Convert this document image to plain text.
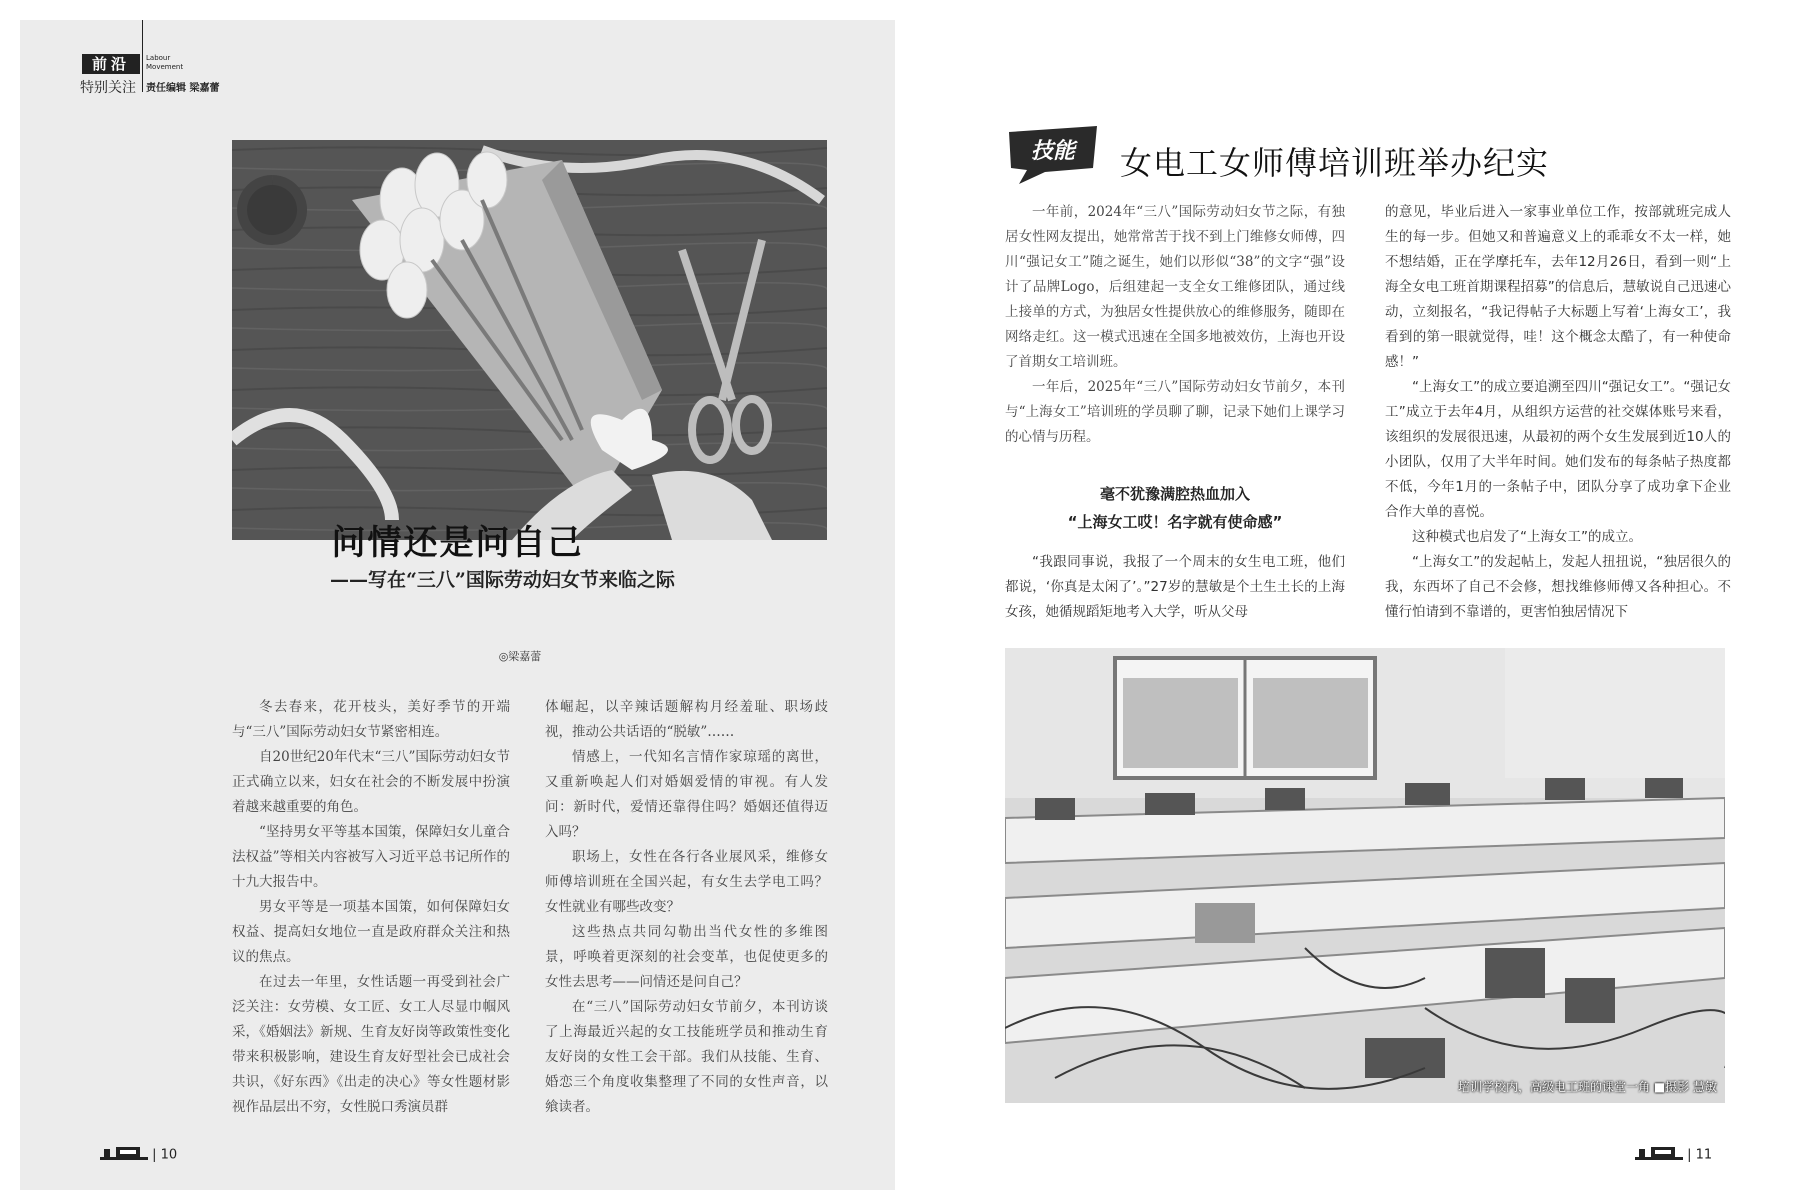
前沿
特别关注
Labour Movement
责任编辑 梁嘉蕾
问情还是问自己
——写在“三八”国际劳动妇女节来临之际
◎梁嘉蕾

冬去春来，花开枝头，美好季节的开端与“三八”国际劳动妇女节紧密相连。

自20世纪20年代末“三八”国际劳动妇女节正式确立以来，妇女在社会的不断发展中扮演着越来越重要的角色。

“坚持男女平等基本国策，保障妇女儿童合法权益”等相关内容被写入习近平总书记所作的十九大报告中。

男女平等是一项基本国策，如何保障妇女权益、提高妇女地位一直是政府群众关注和热议的焦点。

在过去一年里，女性话题一再受到社会广泛关注：女劳模、女工匠、女工人尽显巾帼风采，《婚姻法》新规、生育友好岗等政策性变化带来积极影响，建设生育友好型社会已成社会共识，《好东西》《出走的决心》等女性题材影视作品层出不穷，女性脱口秀演员群

体崛起，以辛辣话题解构月经羞耻、职场歧视，推动公共话语的“脱敏”……

情感上，一代知名言情作家琼瑶的离世，又重新唤起人们对婚姻爱情的审视。有人发问：新时代，爱情还靠得住吗？婚姻还值得迈入吗？

职场上，女性在各行各业展风采，维修女师傅培训班在全国兴起，有女生去学电工吗？女性就业有哪些改变？

这些热点共同勾勒出当代女性的多维图景，呼唤着更深刻的社会变革，也促使更多的女性去思考——问情还是问自己？

在“三八”国际劳动妇女节前夕，本刊访谈了上海最近兴起的女工技能班学员和推动生育友好岗的女性工会干部。我们从技能、生育、婚恋三个角度收集整理了不同的女性声音，以飨读者。

| 10
技能 女电工女师傅培训班举办纪实

一年前，2024年“三八”国际劳动妇女节之际，有独居女性网友提出，她常常苦于找不到上门维修女师傅，四川“强记女工”随之诞生，她们以形似“38”的文字“强”设计了品牌Logo，后组建起一支全女工维修团队，通过线上接单的方式，为独居女性提供放心的维修服务，随即在网络走红。这一模式迅速在全国多地被效仿，上海也开设了首期女工培训班。

一年后，2025年“三八”国际劳动妇女节前夕，本刊与“上海女工”培训班的学员聊了聊，记录下她们上课学习的心情与历程。

毫不犹豫满腔热血加入
“上海女工哎！名字就有使命感”

“我跟同事说，我报了一个周末的女生电工班，他们都说，‘你真是太闲了’。”27岁的慧敏是个土生土长的上海女孩，她循规蹈矩地考入大学，听从父母

的意见，毕业后进入一家事业单位工作，按部就班完成人生的每一步。但她又和普遍意义上的乖乖女不太一样，她不想结婚，正在学摩托车，去年12月26日，看到一则“上海全女电工班首期课程招募”的信息后，慧敏说自己迅速心动，立刻报名，“我记得帖子大标题上写着‘上海女工’，我看到的第一眼就觉得，哇！这个概念太酷了，有一种使命感！”

“上海女工”的成立要追溯至四川“强记女工”。“强记女工”成立于去年4月，从组织方运营的社交媒体账号来看，该组织的发展很迅速，从最初的两个女生发展到近10人的小团队，仅用了大半年时间。她们发布的每条帖子热度都不低，今年1月的一条帖子中，团队分享了成功拿下企业合作大单的喜悦。

这种模式也启发了“上海女工”的成立。

“上海女工”的发起帖上，发起人扭扭说，“独居很久的我，东西坏了自己不会修，想找维修师傅又各种担心。不懂行怕请到不靠谱的，更害怕独居情况下

培训学校内，高级电工班的课堂一角 ■摄影 慧敏
| 11
